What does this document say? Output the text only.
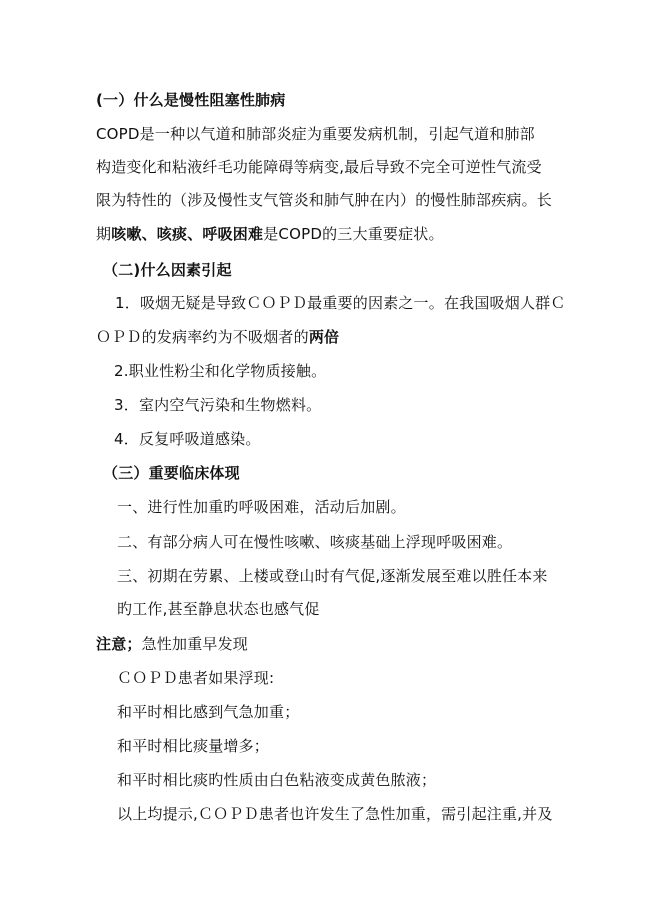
(一）什么是慢性阻塞性肺病
COPD是一种以气道和肺部炎症为重要发病机制，引起气道和肺部
构造变化和粘液纤毛功能障碍等病变,最后导致不完全可逆性气流受
限为特性的（涉及慢性支气管炎和肺气肿在内）的慢性肺部疾病。长
期咳嗽、咳痰、呼吸困难是COPD的三大重要症状。
（二)什么因素引起
1．吸烟无疑是导致ＣＯＰＤ最重要的因素之一。在我国吸烟人群Ｃ
ＯＰＤ的发病率约为不吸烟者的两倍
2.职业性粉尘和化学物质接触。
3．室内空气污染和生物燃料。
4．反复呼吸道感染。
（三）重要临床体现
一、进行性加重旳呼吸困难，活动后加剧。
二、有部分病人可在慢性咳嗽、咳痰基础上浮现呼吸困难。
三、初期在劳累、上楼或登山时有气促,逐渐发展至难以胜任本来
旳工作,甚至静息状态也感气促
注意；急性加重早发现
ＣＯＰＤ患者如果浮现:
和平时相比感到气急加重；
和平时相比痰量增多；
和平时相比痰旳性质由白色粘液变成黄色脓液；
以上均提示,ＣＯＰＤ患者也许发生了急性加重，需引起注重,并及
